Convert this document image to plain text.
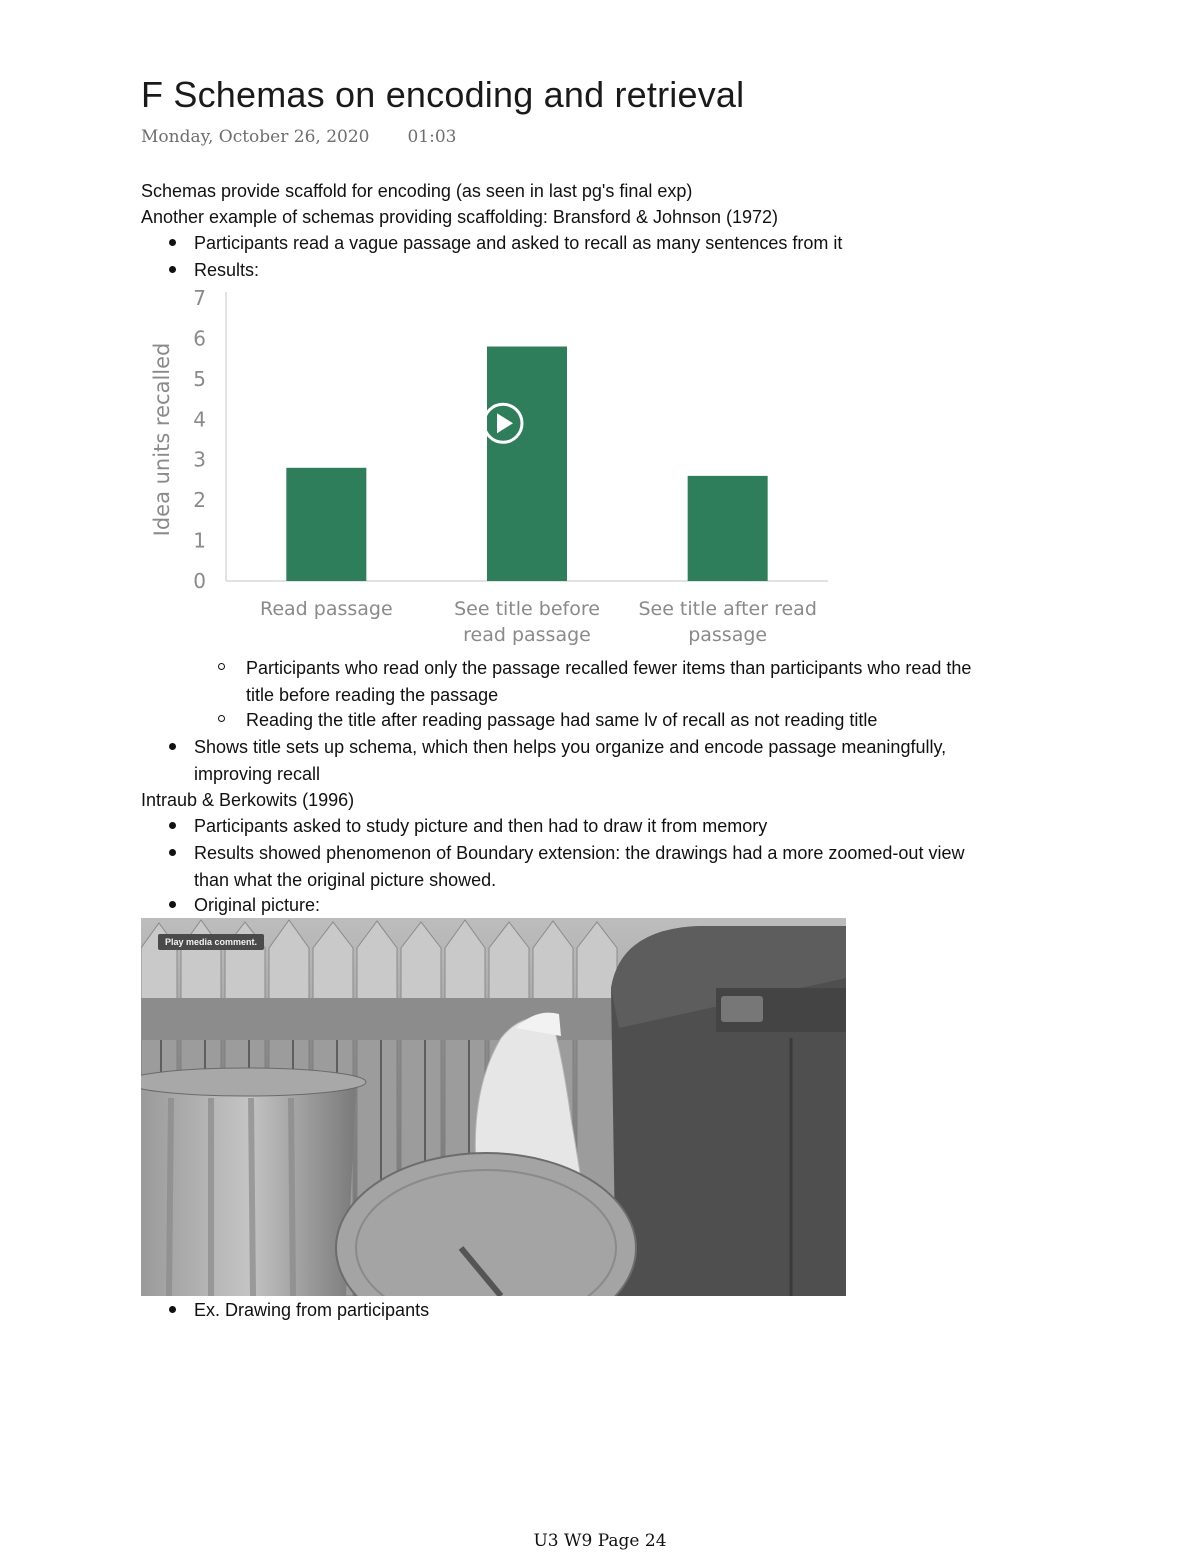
F Schemas on encoding and retrieval
Monday, October 26, 2020 01:03
Schemas provide scaffold for encoding (as seen in last pg's final exp)
Another example of schemas providing scaffolding: Bransford & Johnson (1972)
Participants read a vague passage and asked to recall as many sentences from it
Results:
0
1
2
3
4
5
6
7
Idea units recalled
Read passage	See title before
read passage
See title after read
passage
Participants who read only the passage recalled fewer items than participants who read the
title before reading the passage
Reading the title after reading passage had same lv of recall as not reading title
Shows title sets up schema, which then helps you organize and encode passage meaningfully,
improving recall
Intraub & Berkowits (1996)
Participants asked to study picture and then had to draw it from memory
Results showed phenomenon of Boundary extension: the drawings had a more zoomed-out view
than what the original picture showed.
Original picture:
Play media comment.
Ex. Drawing from participants
U3 W9 Page 24
